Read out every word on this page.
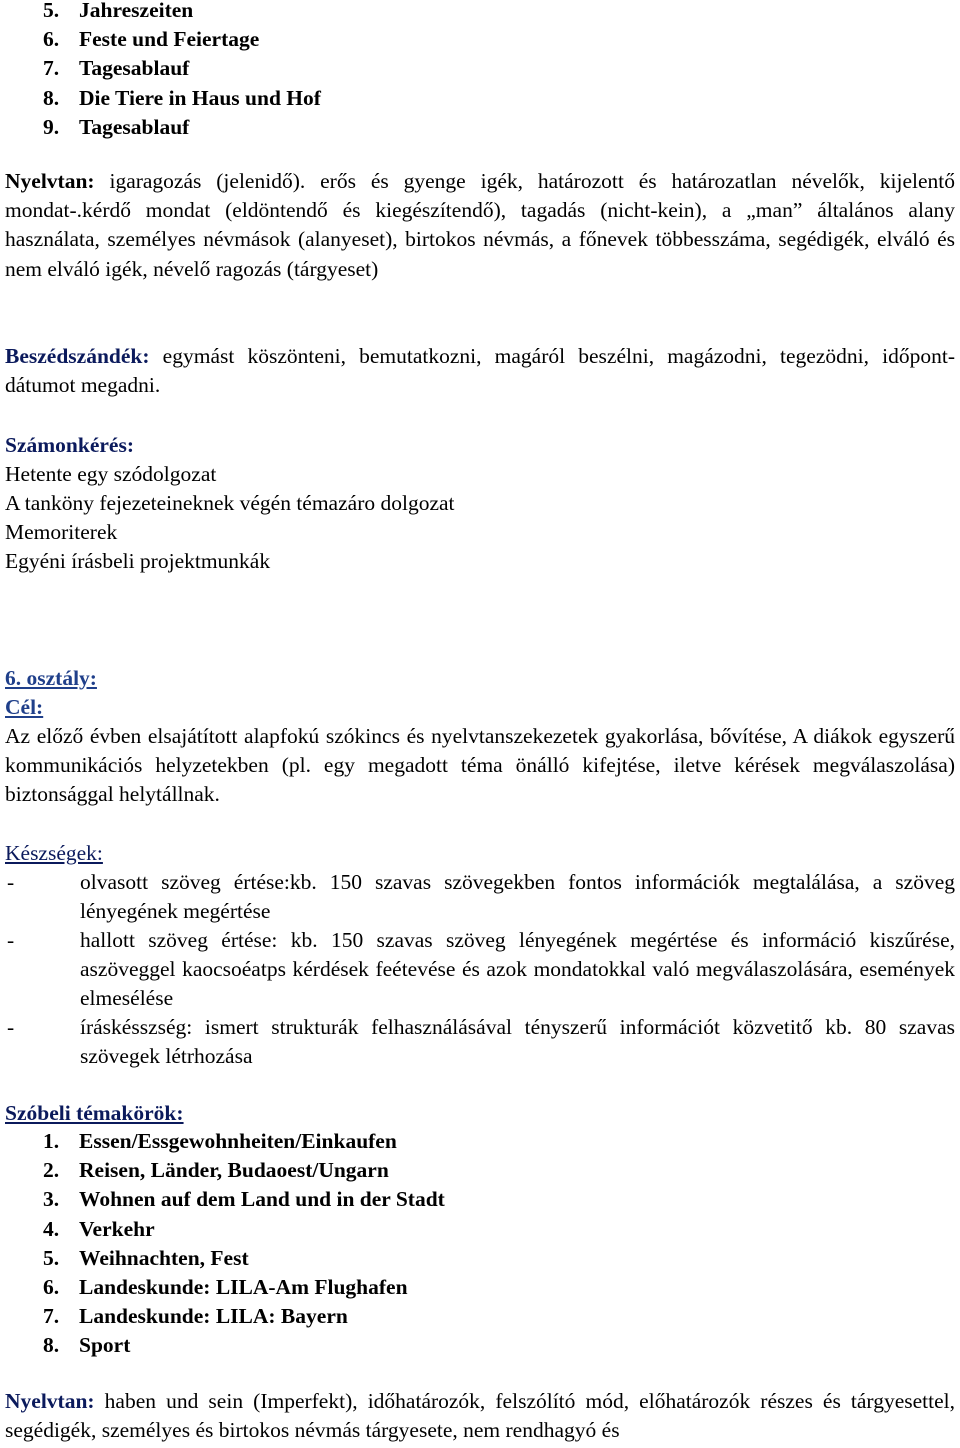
5. Jahreszeiten
6. Feste und Feiertage
7. Tagesablauf
8. Die Tiere in Haus und Hof
9. Tagesablauf

Nyelvtan: igaragozás (jelenidő). erős és gyenge igék, határozott és határozatlan névelők, kijelentő mondat-.kérdő mondat (eldöntendő és kiegészítendő), tagadás (nicht-kein), a „man” általános alany használata, személyes névmások (alanyeset), birtokos névmás, a főnevek többesszáma, segédigék, elváló és nem elváló igék, névelő ragozás (tárgyeset)

Beszédszándék: egymást köszönteni, bemutatkozni, magáról beszélni, magázodni, tegezödni, időpont-dátumot megadni.

Számonkérés:
Hetente egy szódolgozat
A tanköny fejezeteineknek végén témazáro dolgozat
Memoriterek
Egyéni írásbeli projektmunkák
6. osztály:
Cél:

Az előző évben elsajátított alapfokú szókincs és nyelvtanszekezetek gyakorlása, bővítése, A diákok egyszerű kommunikációs helyzetekben (pl. egy megadott téma önálló kifejtése, iletve kérések megválaszolása) biztonsággal helytállnak.

Készségek:
-	olvasott szöveg értése:kb. 150 szavas szövegekben fontos információk megtalálása, a szöveg lényegének megértése
-	hallott szöveg értése: kb. 150 szavas szöveg lényegének megértése és információ kiszűrése, aszöveggel kaocsoéatps kérdések feétevése és azok mondatokkal való megválaszolására, események elmesélése
-	íráskésszség: ismert strukturák felhasználásával tényszerű információt közvetitő kb. 80 szavas szövegek létrhozása
Szóbeli témakörök:
1. Essen/Essgewohnheiten/Einkaufen
2. Reisen, Länder, Budaoest/Ungarn
3. Wohnen auf dem Land und in der Stadt
4. Verkehr
5. Weihnachten, Fest
6. Landeskunde: LILA-Am Flughafen
7. Landeskunde: LILA: Bayern
8. Sport

Nyelvtan: haben und sein (Imperfekt), időhatározók, felszólító mód, előhatározók részes és tárgyesettel, segédigék, személyes és birtokos névmás tárgyesete, nem rendhagyó és
